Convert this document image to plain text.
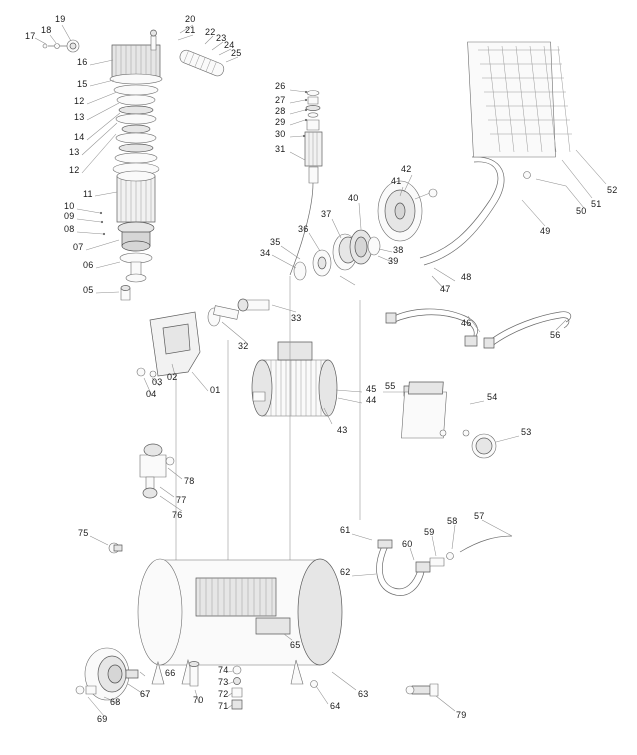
17
18
19
16
15
12
13
14
13
12
11
10
09
08
07
06
05
20
21 22
23
24
25
26
27
28
29
30
31
34
35
36
37
40
41
42
38
39
47
48
49
50
51
52
46
56
33
32
02
03
04	01
43
44
45 55
54
53
78
77
76
75	61
62
60
59
58 57
65
66
67
68
69
70
71
72
73
74
64
63
79
